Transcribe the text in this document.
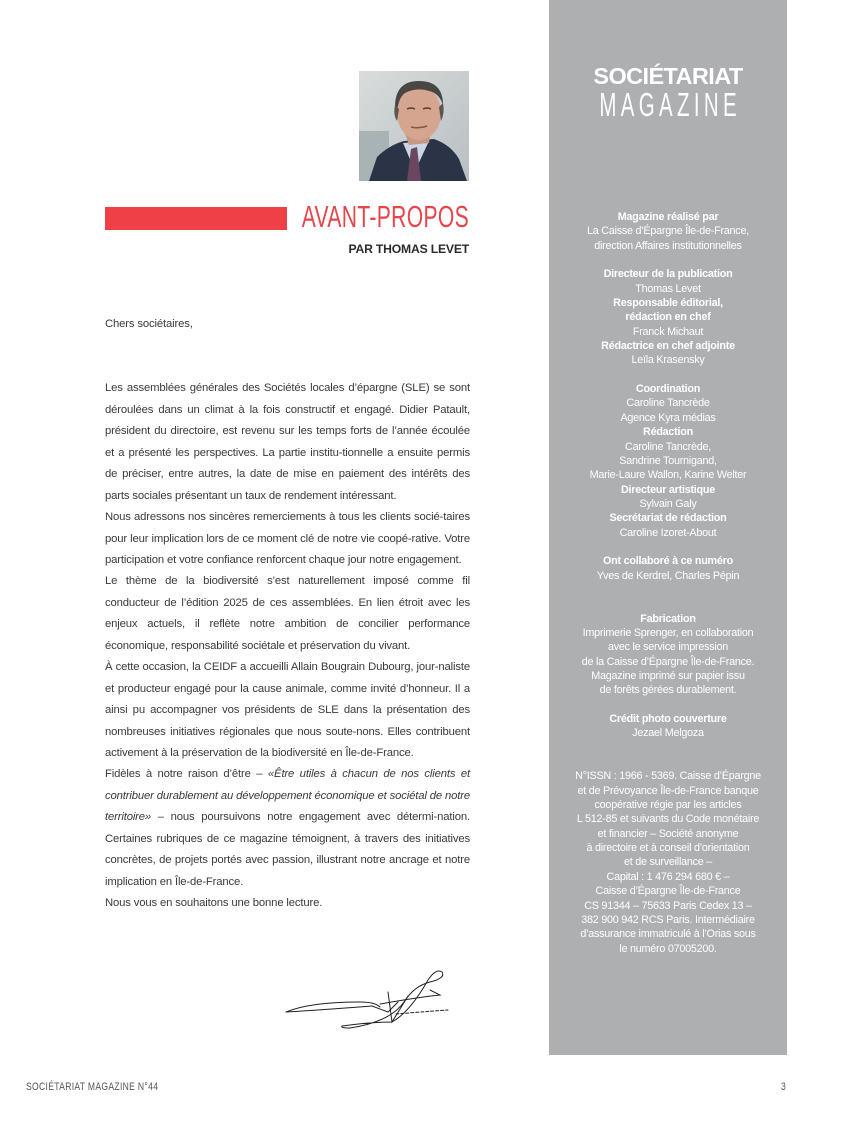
AVANT-PROPOS
PAR THOMAS LEVET

Chers sociétaires,

Les assemblées générales des Sociétés locales d’épargne (SLE) se sont déroulées dans un climat à la fois constructif et engagé. Didier Patault, président du directoire, est revenu sur les temps forts de l’année écoulée et a présenté les perspectives. La partie institu-tionnelle a ensuite permis de préciser, entre autres, la date de mise en paiement des intérêts des parts sociales présentant un taux de rendement intéressant.

Nous adressons nos sincères remerciements à tous les clients socié-taires pour leur implication lors de ce moment clé de notre vie coopé-rative. Votre participation et votre confiance renforcent chaque jour notre engagement.

Le thème de la biodiversité s’est naturellement imposé comme fil conducteur de l’édition 2025 de ces assemblées. En lien étroit avec les enjeux actuels, il reflète notre ambition de concilier performance économique, responsabilité sociétale et préservation du vivant.

À cette occasion, la CEIDF a accueilli Allain Bougrain Dubourg, jour-naliste et producteur engagé pour la cause animale, comme invité d’honneur. Il a ainsi pu accompagner vos présidents de SLE dans la présentation des nombreuses initiatives régionales que nous soute-nons. Elles contribuent activement à la préservation de la biodiversité en Île-de-France.

Fidèles à notre raison d’être – «Être utiles à chacun de nos clients et contribuer durablement au développement économique et sociétal de notre territoire» – nous poursuivons notre engagement avec détermi-nation. Certaines rubriques de ce magazine témoignent, à travers des initiatives concrètes, de projets portés avec passion, illustrant notre ancrage et notre implication en Île-de-France.

Nous vous en souhaitons une bonne lecture.

SOCIÉTARIAT
MAGAZINE
Magazine réalisé par
La Caisse d’Épargne Île-de-France,
direction Affaires institutionnelles
Directeur de la publication
Thomas Levet
Responsable éditorial,
rédaction en chef
Franck Michaut
Rédactrice en chef adjointe
Leïla Krasensky
Coordination
Caroline Tancrède
Agence Kyra médias
Rédaction
Caroline Tancrède,
Sandrine Tournigand,
Marie-Laure Wallon, Karine Welter
Directeur artistique
Sylvain Galy
Secrétariat de rédaction
Caroline Izoret-About
Ont collaboré à ce numéro
Yves de Kerdrel, Charles Pépin
Fabrication
Imprimerie Sprenger, en collaboration
avec le service impression
de la Caisse d’Épargne Île-de-France.
Magazine imprimé sur papier issu
de forêts gérées durablement.
Crédit photo couverture
Jezael Melgoza
N°ISSN : 1966 - 5369. Caisse d’Épargne
et de Prévoyance Île-de-France banque
coopérative régie par les articles
L 512-85 et suivants du Code monétaire
et financier – Société anonyme
à directoire et à conseil d’orientation
et de surveillance –
Capital : 1 476 294 680 € –
Caisse d’Épargne Île-de-France
CS 91344 – 75633 Paris Cedex 13 –
382 900 942 RCS Paris. Intermédiaire
d’assurance immatriculé à l’Orias sous
le numéro 07005200.
SOCIÉTARIAT MAGAZINE N°44	3
